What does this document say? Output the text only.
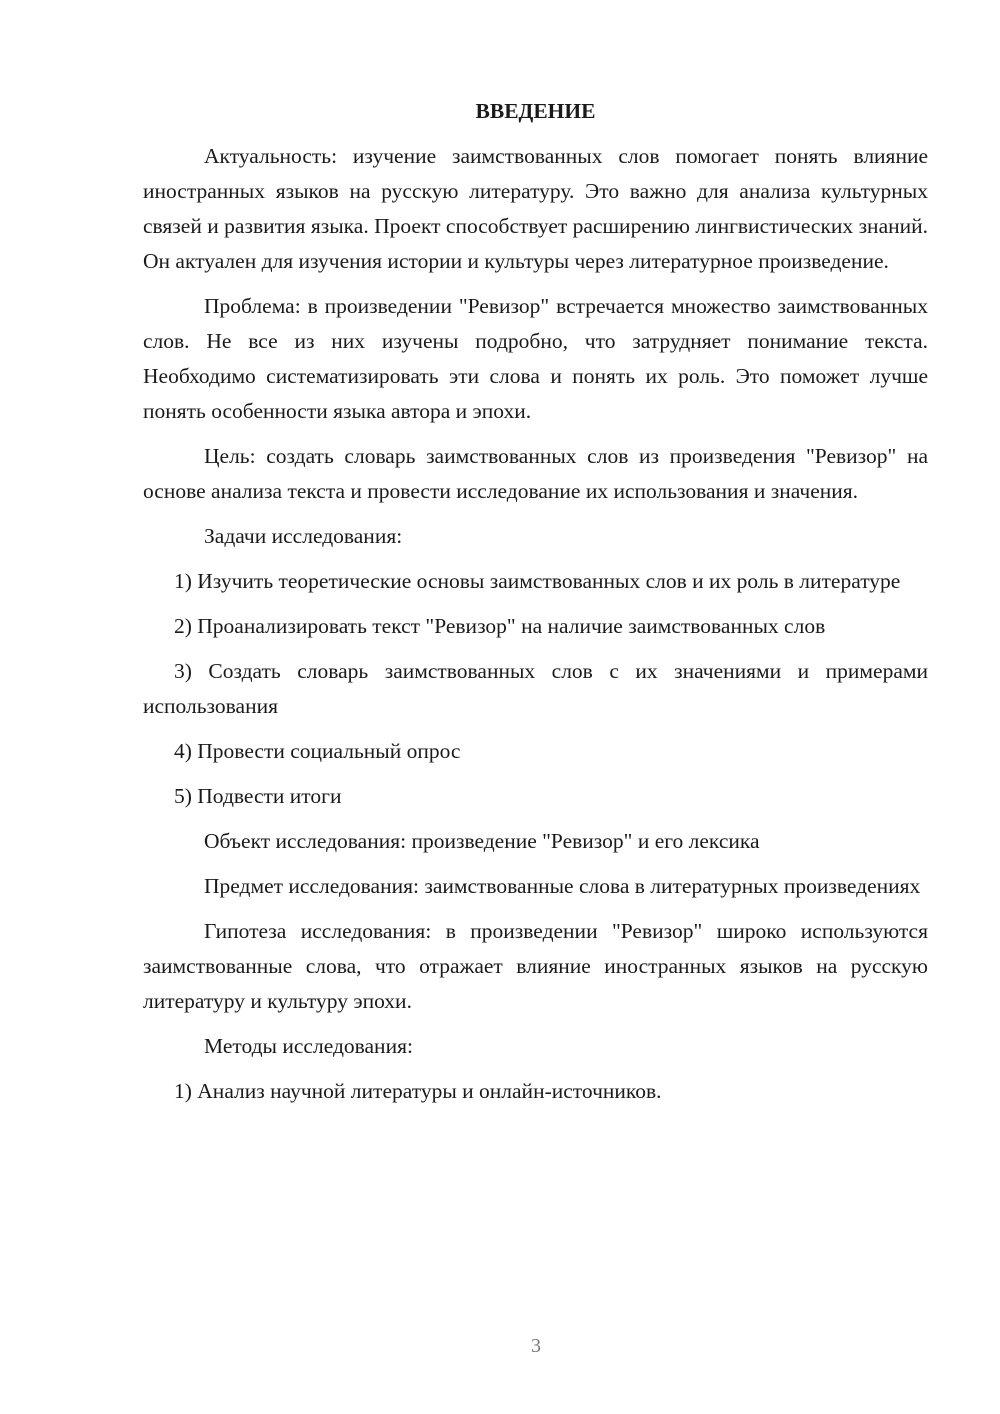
ВВЕДЕНИЕ
Актуальность: изучение заимствованных слов помогает понять влияние иностранных языков на русскую литературу. Это важно для анализа культурных связей и развития языка. Проект способствует расширению лингвистических знаний. Он актуален для изучения истории и культуры через литературное произведение.
Проблема: в произведении "Ревизор" встречается множество заимствованных слов. Не все из них изучены подробно, что затрудняет понимание текста. Необходимо систематизировать эти слова и понять их роль. Это поможет лучше понять особенности языка автора и эпохи.
Цель: создать словарь заимствованных слов из произведения "Ревизор" на основе анализа текста и провести исследование их использования и значения.
Задачи исследования:
1) Изучить теоретические основы заимствованных слов и их роль в литературе
2) Проанализировать текст "Ревизор" на наличие заимствованных слов
3) Создать словарь заимствованных слов с их значениями и примерами использования
4) Провести социальный опрос
5) Подвести итоги
Объект исследования: произведение "Ревизор" и его лексика
Предмет исследования: заимствованные слова в литературных произведениях
Гипотеза исследования: в произведении "Ревизор" широко используются заимствованные слова, что отражает влияние иностранных языков на русскую литературу и культуру эпохи.
Методы исследования:
1) Анализ научной литературы и онлайн-источников.
3
